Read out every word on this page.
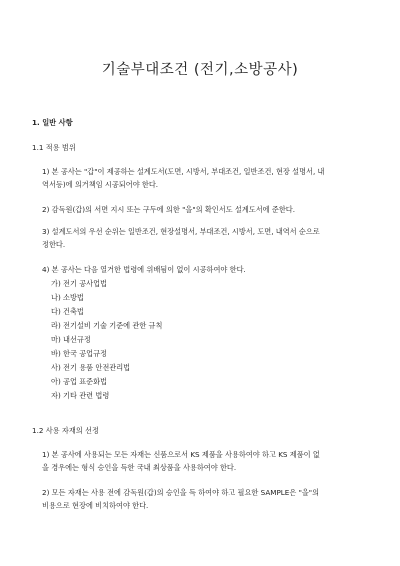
기술부대조건 (전기,소방공사)
1. 일반 사항
1.1 적용 범위
1) 본 공사는 "갑"이 제공하는 설계도서(도면, 시방서, 부대조건, 일반조건, 현장 설명서, 내
역서등)에 의거책임 시공되어야 한다.
2) 감독원(갑)의 서면 지시 또는 구두에 의한 "을"의 확인서도 설계도서에 준한다.
3) 설계도서의 우선 순위는 일반조건, 현장설명서, 부대조건, 시방서, 도면, 내역서 순으로
정한다.
4) 본 공사는 다음 열거한 법령에 위배됨이 없이 시공하여야 한다.
가) 전기 공사업법
나) 소방법
다) 건축법
라) 전기설비 기술 기준에 관한 규칙
마) 내선규정
바) 한국 공업규정
사) 전기 용품 안전관리법
아) 공업 표준화법
자) 기타 관련 법령
1.2 사용 자재의 선정
1) 본 공사에 사용되는 모든 자재는 신품으로서 KS 제품을 사용하여야 하고 KS 제품이 없
을 경우에는 형식 승인을 득한 국내 최상품을 사용하여야 한다.
2) 모든 자재는 사용 전에 감독원(갑)의 승인을 득 하여야 하고 필요한 SAMPLE은 "을"의
비용으로 현장에 비치하여야 한다.
